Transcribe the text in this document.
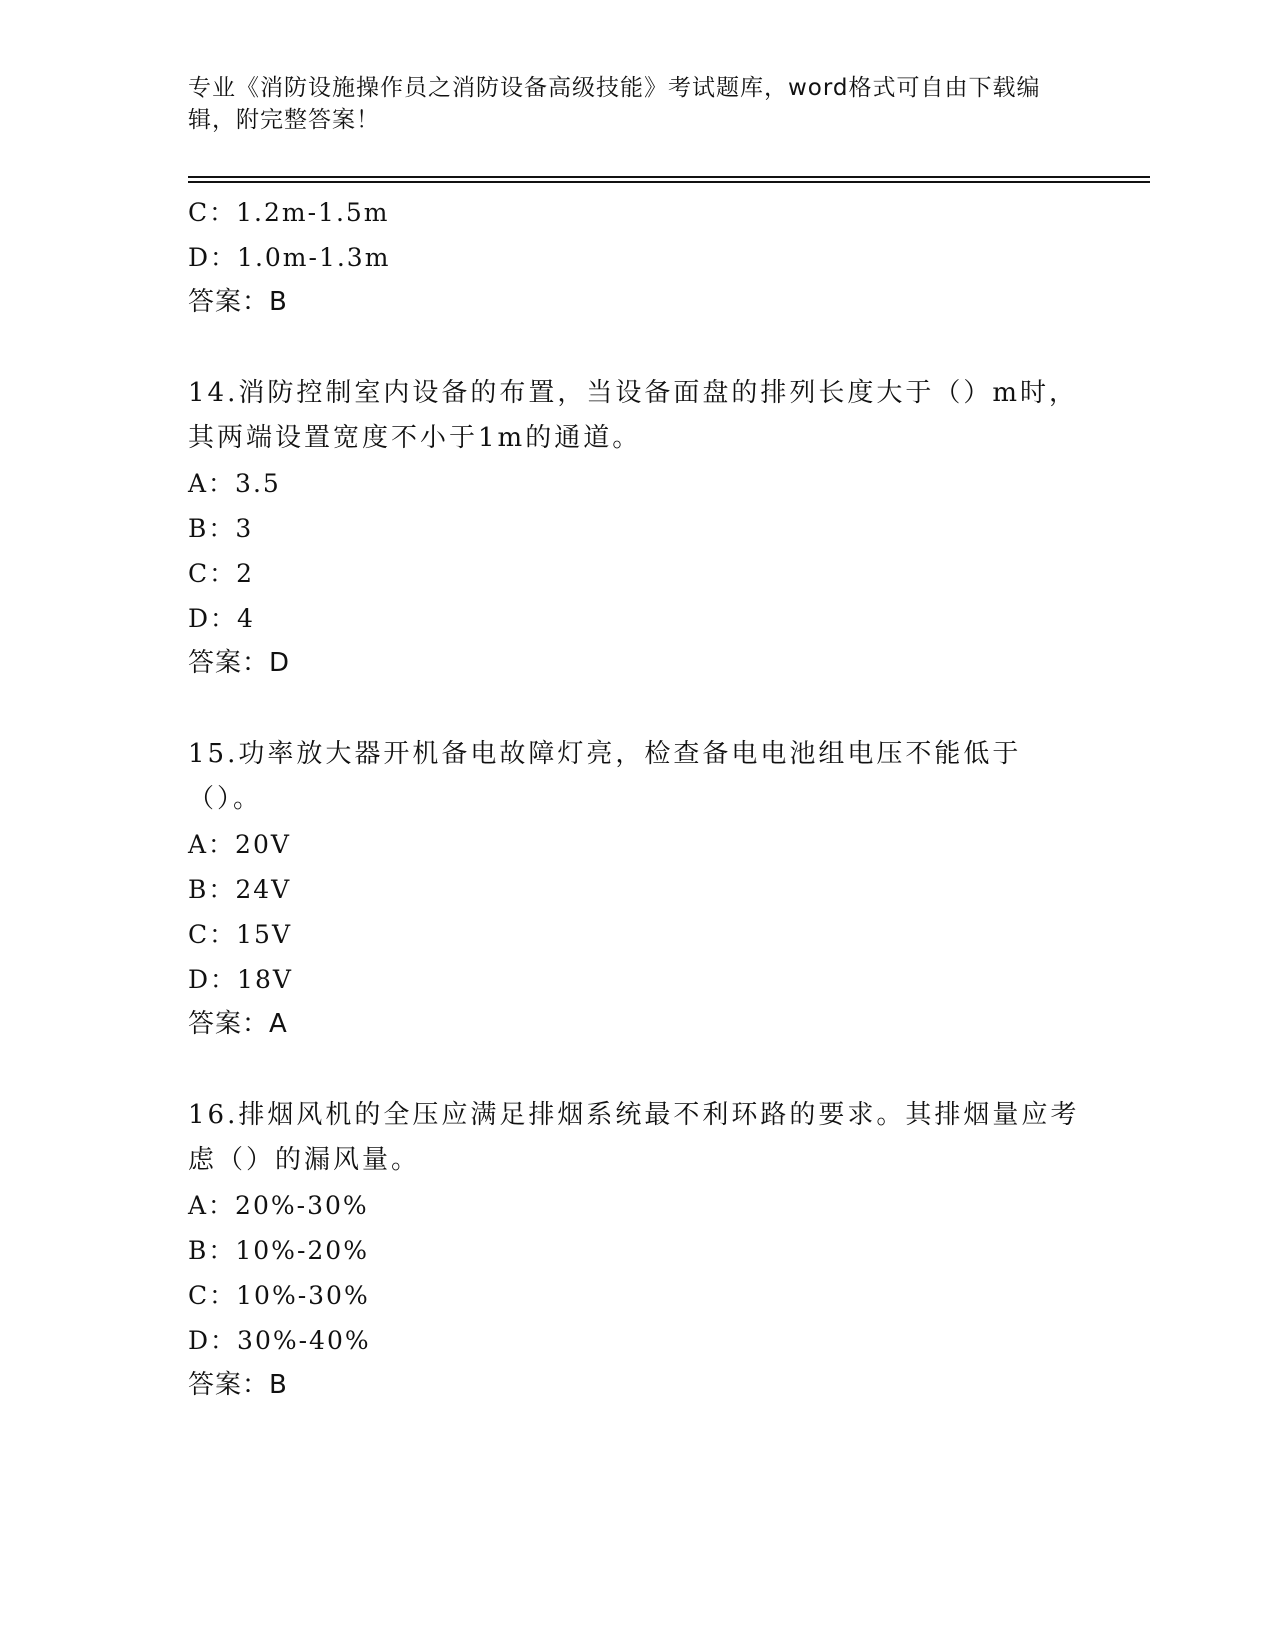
专业《消防设施操作员之消防设备高级技能》考试题库，word格式可自由下载编辑，附完整答案！
C：1.2m-1.5m
D：1.0m-1.3m
答案：B
14.消防控制室内设备的布置，当设备面盘的排列长度大于（）m时，其两端设置宽度不小于1m的通道。
A：3.5
B：3
C：2
D：4
答案：D
15.功率放大器开机备电故障灯亮，检查备电电池组电压不能低于（）。
A：20V
B：24V
C：15V
D：18V
答案：A
16.排烟风机的全压应满足排烟系统最不利环路的要求。其排烟量应考虑（）的漏风量。
A：20%-30%
B：10%-20%
C：10%-30%
D：30%-40%
答案：B
